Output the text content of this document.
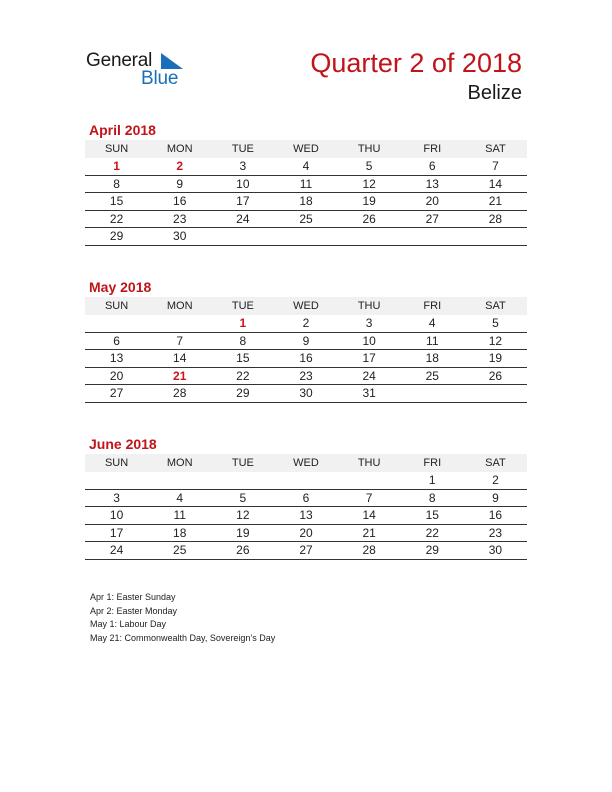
General
Blue
Quarter 2 of 2018
Belize
April 2018
SUN	MON	TUE	WED	THU	FRI	SAT
1	2	3	4	5	6	7
8	9	10	11	12	13	14
15	16	17	18	19	20	21
22	23	24	25	26	27	28
29	30					
May 2018
SUN	MON	TUE	WED	THU	FRI	SAT
		1	2	3	4	5
6	7	8	9	10	11	12
13	14	15	16	17	18	19
20	21	22	23	24	25	26
27	28	29	30	31		
June 2018
SUN	MON	TUE	WED	THU	FRI	SAT
					1	2
3	4	5	6	7	8	9
10	11	12	13	14	15	16
17	18	19	20	21	22	23
24	25	26	27	28	29	30
Apr 1: Easter Sunday
Apr 2: Easter Monday
May 1: Labour Day
May 21: Commonwealth Day, Sovereign’s Day
